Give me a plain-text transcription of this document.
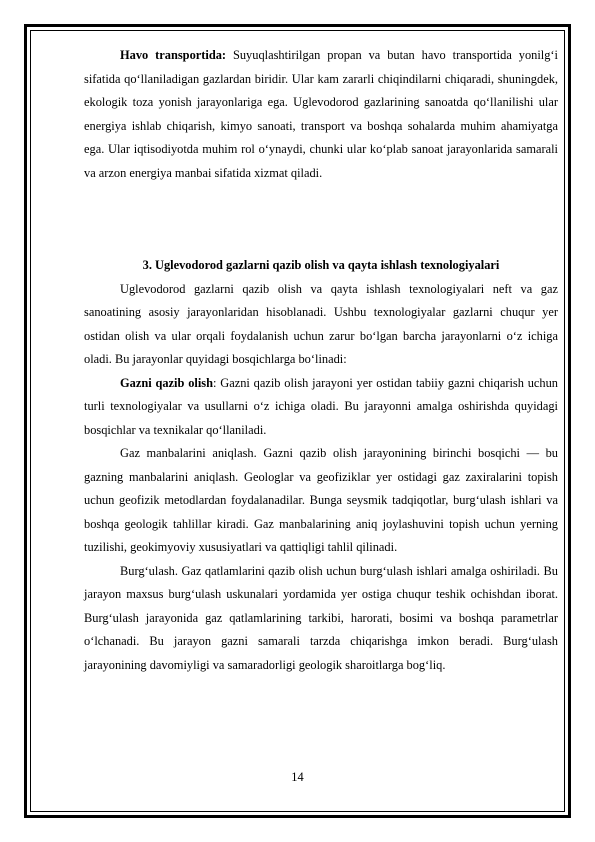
Havo transportida: Suyuqlashtirilgan propan va butan havo transportida yonilg‘i sifatida qo‘llaniladigan gazlardan biridir. Ular kam zararli chiqindilarni chiqaradi, shuningdek, ekologik toza yonish jarayonlariga ega. Uglevodorod gazlarining sanoatda qo‘llanilishi ular energiya ishlab chiqarish, kimyo sanoati, transport va boshqa sohalarda muhim ahamiyatga ega. Ular iqtisodiyotda muhim rol o‘ynaydi, chunki ular ko‘plab sanoat jarayonlarida samarali va arzon energiya manbai sifatida xizmat qiladi.

3. Uglevodorod gazlarni qazib olish va qayta ishlash texnologiyalari

Uglevodorod gazlarni qazib olish va qayta ishlash texnologiyalari neft va gaz sanoatining asosiy jarayonlaridan hisoblanadi. Ushbu texnologiyalar gazlarni chuqur yer ostidan olish va ular orqali foydalanish uchun zarur bo‘lgan barcha jarayonlarni o‘z ichiga oladi. Bu jarayonlar quyidagi bosqichlarga bo‘linadi:

Gazni qazib olish: Gazni qazib olish jarayoni yer ostidan tabiiy gazni chiqarish uchun turli texnologiyalar va usullarni o‘z ichiga oladi. Bu jarayonni amalga oshirishda quyidagi bosqichlar va texnikalar qo‘llaniladi.

Gaz manbalarini aniqlash. Gazni qazib olish jarayonining birinchi bosqichi — bu gazning manbalarini aniqlash. Geologlar va geofiziklar yer ostidagi gaz zaxiralarini topish uchun geofizik metodlardan foydalanadilar. Bunga seysmik tadqiqotlar, burg‘ulash ishlari va boshqa geologik tahlillar kiradi. Gaz manbalarining aniq joylashuvini topish uchun yerning tuzilishi, geokimyoviy xususiyatlari va qattiqligi tahlil qilinadi.

Burg‘ulash. Gaz qatlamlarini qazib olish uchun burg‘ulash ishlari amalga oshiriladi. Bu jarayon maxsus burg‘ulash uskunalari yordamida yer ostiga chuqur teshik ochishdan iborat. Burg‘ulash jarayonida gaz qatlamlarining tarkibi, harorati, bosimi va boshqa parametrlar o‘lchanadi. Bu jarayon gazni samarali tarzda chiqarishga imkon beradi. Burg‘ulash jarayonining davomiyligi va samaradorligi geologik sharoitlarga bog‘liq.

14
